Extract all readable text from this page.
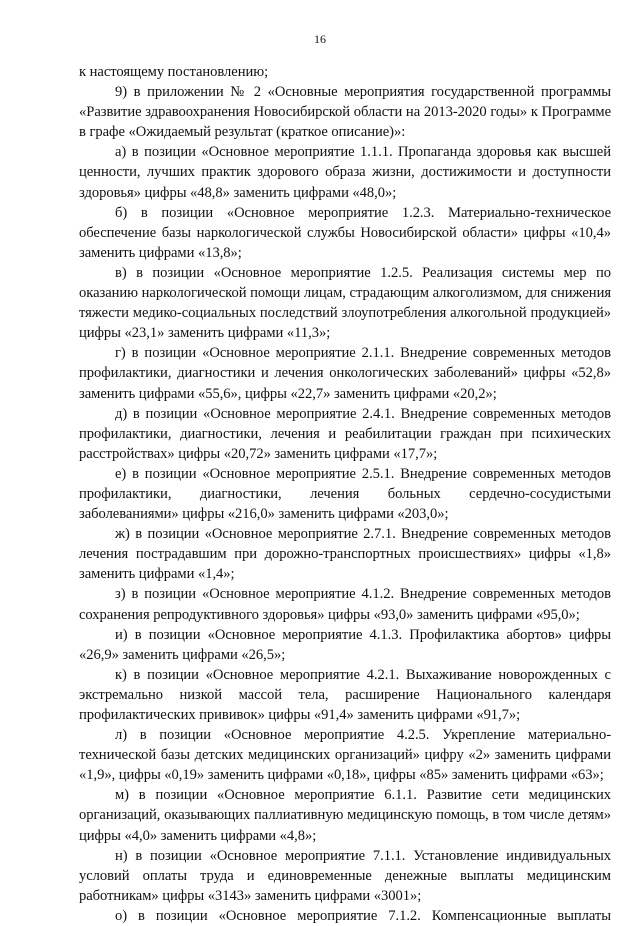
16

к настоящему постановлению;

9) в приложении № 2 «Основные мероприятия государственной программы «Развитие здравоохранения Новосибирской области на 2013-2020 годы» к Программе в графе «Ожидаемый результат (краткое описание)»:

а) в позиции «Основное мероприятие 1.1.1. Пропаганда здоровья как высшей ценности, лучших практик здорового образа жизни, достижимости и доступности здоровья» цифры «48,8» заменить цифрами «48,0»;

б) в позиции «Основное мероприятие 1.2.3. Материально-техническое обеспечение базы наркологической службы Новосибирской области» цифры «10,4» заменить цифрами «13,8»;

в) в позиции «Основное мероприятие 1.2.5. Реализация системы мер по оказанию наркологической помощи лицам, страдающим алкоголизмом, для снижения тяжести медико-социальных последствий злоупотребления алкогольной продукцией» цифры «23,1» заменить цифрами «11,3»;

г) в позиции «Основное мероприятие 2.1.1. Внедрение современных методов профилактики, диагностики и лечения онкологических заболеваний» цифры «52,8» заменить цифрами «55,6», цифры «22,7» заменить цифрами «20,2»;

д) в позиции «Основное мероприятие 2.4.1. Внедрение современных методов профилактики, диагностики, лечения и реабилитации граждан при психических расстройствах» цифры «20,72» заменить цифрами «17,7»;

е) в позиции «Основное мероприятие 2.5.1. Внедрение современных методов профилактики, диагностики, лечения больных сердечно-сосудистыми заболеваниями» цифры «216,0» заменить цифрами «203,0»;

ж) в позиции «Основное мероприятие 2.7.1. Внедрение современных методов лечения пострадавшим при дорожно-транспортных происшествиях» цифры «1,8» заменить цифрами «1,4»;

з) в позиции «Основное мероприятие 4.1.2. Внедрение современных методов сохранения репродуктивного здоровья» цифры «93,0» заменить цифрами «95,0»;

и) в позиции «Основное мероприятие 4.1.3. Профилактика абортов» цифры «26,9» заменить цифрами «26,5»;

к) в позиции «Основное мероприятие 4.2.1. Выхаживание новорожденных с экстремально низкой массой тела, расширение Национального календаря профилактических прививок» цифры «91,4» заменить цифрами «91,7»;

л) в позиции «Основное мероприятие 4.2.5. Укрепление материально-технической базы детских медицинских организаций» цифру «2» заменить цифрами «1,9», цифры «0,19» заменить цифрами «0,18», цифры «85» заменить цифрами «63»;

м) в позиции «Основное мероприятие 6.1.1. Развитие сети медицинских организаций, оказывающих паллиативную медицинскую помощь, в том числе детям» цифры «4,0» заменить цифрами «4,8»;

н) в позиции «Основное мероприятие 7.1.1. Установление индивидуальных условий оплаты труда и единовременные денежные выплаты медицинским работникам» цифры «3143» заменить цифрами «3001»;

о) в позиции «Основное мероприятие 7.1.2. Компенсационные выплаты
